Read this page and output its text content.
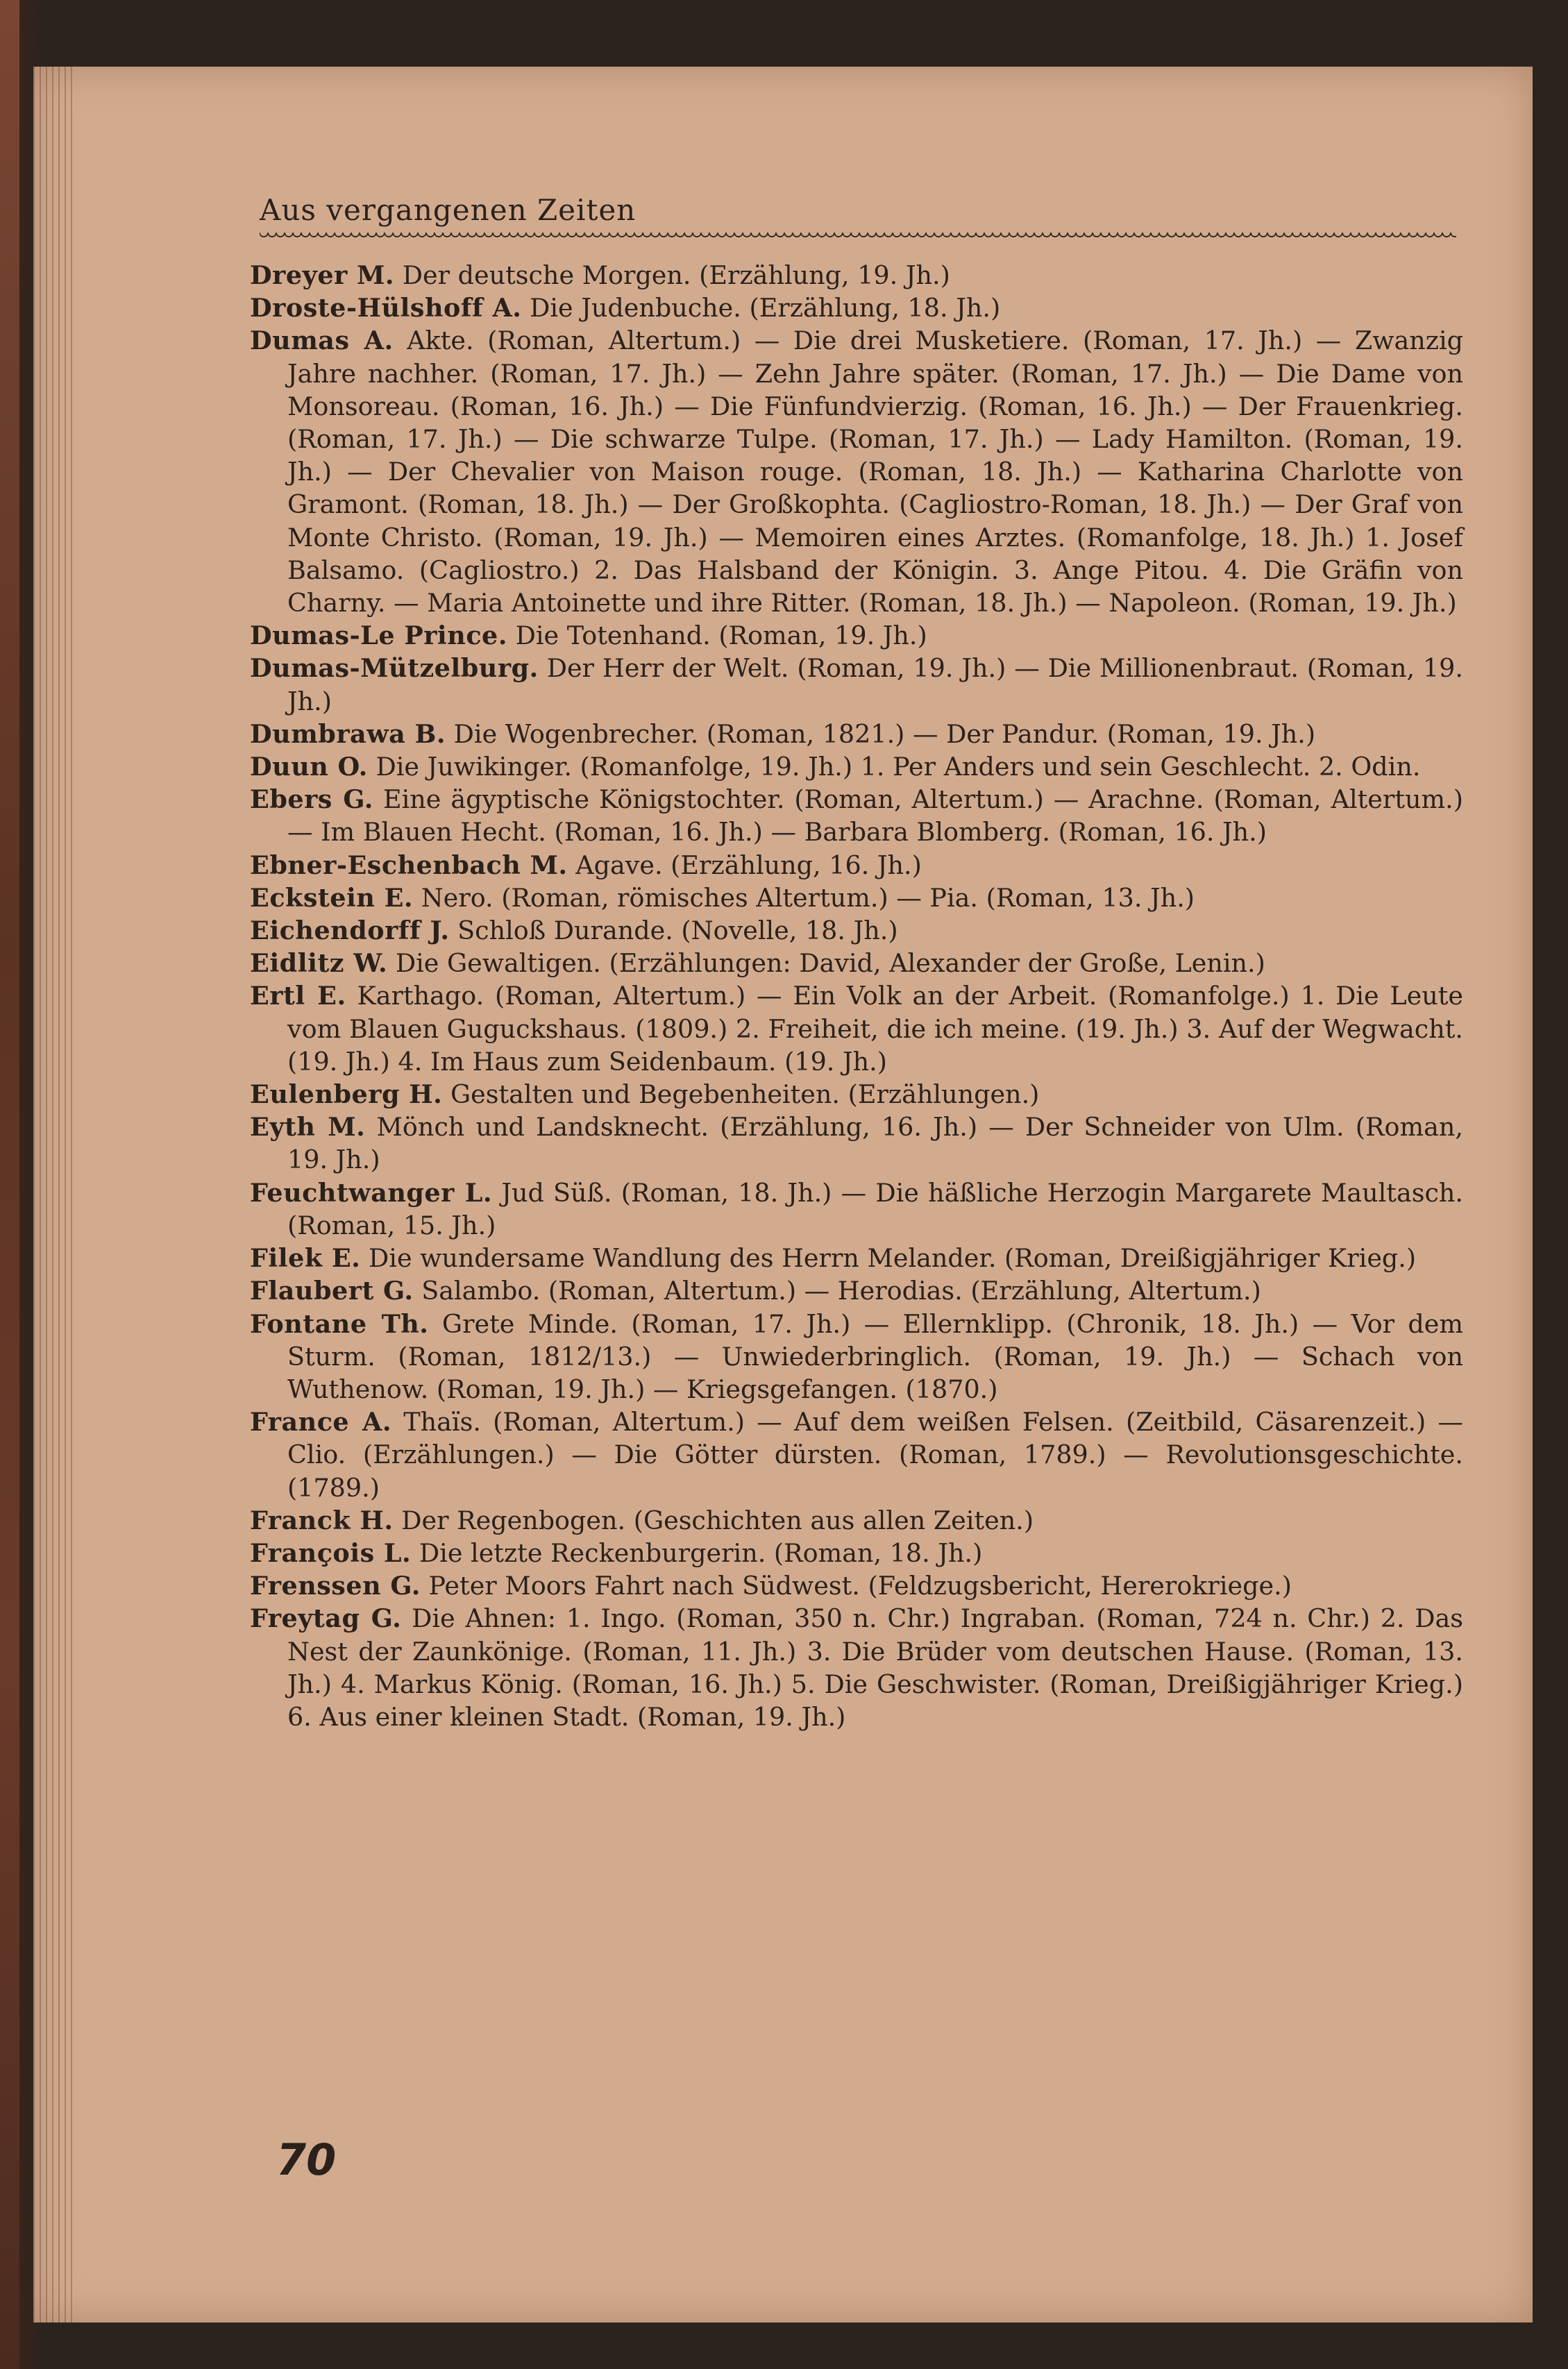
Aus vergangenen Zeiten

Dreyer M. Der deutsche Morgen. (Erzählung, 19. Jh.)

Droste-Hülshoff A. Die Judenbuche. (Erzählung, 18. Jh.)

Dumas A. Akte. (Roman, Altertum.) — Die drei Musketiere. (Roman, 17. Jh.) — Zwanzig Jahre nachher. (Roman, 17. Jh.) — Zehn Jahre später. (Roman, 17. Jh.) — Die Dame von Monsoreau. (Roman, 16. Jh.) — Die Fünfundvierzig. (Roman, 16. Jh.) — Der Frauenkrieg. (Roman, 17. Jh.) — Die schwarze Tulpe. (Roman, 17. Jh.) — Lady Hamilton. (Roman, 19. Jh.) — Der Chevalier von Maison rouge. (Roman, 18. Jh.) — Katharina Charlotte von Gramont. (Roman, 18. Jh.) — Der Großkophta. (Cagliostro-Roman, 18. Jh.) — Der Graf von Monte Christo. (Roman, 19. Jh.) — Memoiren eines Arztes. (Romanfolge, 18. Jh.) 1. Josef Balsamo. (Cagliostro.) 2. Das Halsband der Königin. 3. Ange Pitou. 4. Die Gräfin von Charny. — Maria Antoinette und ihre Ritter. (Roman, 18. Jh.) — Napoleon. (Roman, 19. Jh.)

Dumas-Le Prince. Die Totenhand. (Roman, 19. Jh.)

Dumas-Mützelburg. Der Herr der Welt. (Roman, 19. Jh.) — Die Millionenbraut. (Roman, 19. Jh.)

Dumbrawa B. Die Wogenbrecher. (Roman, 1821.) — Der Pandur. (Roman, 19. Jh.)

Duun O. Die Juwikinger. (Romanfolge, 19. Jh.) 1. Per Anders und sein Geschlecht. 2. Odin.

Ebers G. Eine ägyptische Königstochter. (Roman, Altertum.) — Arachne. (Roman, Altertum.) — Im Blauen Hecht. (Roman, 16. Jh.) — Barbara Blomberg. (Roman, 16. Jh.)

Ebner-Eschenbach M. Agave. (Erzählung, 16. Jh.)

Eckstein E. Nero. (Roman, römisches Altertum.) — Pia. (Roman, 13. Jh.)

Eichendorff J. Schloß Durande. (Novelle, 18. Jh.)

Eidlitz W. Die Gewaltigen. (Erzählungen: David, Alexander der Große, Lenin.)

Ertl E. Karthago. (Roman, Altertum.) — Ein Volk an der Arbeit. (Romanfolge.) 1. Die Leute vom Blauen Guguckshaus. (1809.) 2. Freiheit, die ich meine. (19. Jh.) 3. Auf der Wegwacht. (19. Jh.) 4. Im Haus zum Seidenbaum. (19. Jh.)

Eulenberg H. Gestalten und Begebenheiten. (Erzählungen.)

Eyth M. Mönch und Landsknecht. (Erzählung, 16. Jh.) — Der Schneider von Ulm. (Roman, 19. Jh.)

Feuchtwanger L. Jud Süß. (Roman, 18. Jh.) — Die häßliche Herzogin Margarete Maultasch. (Roman, 15. Jh.)

Filek E. Die wundersame Wandlung des Herrn Melander. (Roman, Dreißigjähriger Krieg.)

Flaubert G. Salambo. (Roman, Altertum.) — Herodias. (Erzählung, Altertum.)

Fontane Th. Grete Minde. (Roman, 17. Jh.) — Ellernklipp. (Chronik, 18. Jh.) — Vor dem Sturm. (Roman, 1812/13.) — Unwiederbringlich. (Roman, 19. Jh.) — Schach von Wuthenow. (Roman, 19. Jh.) — Kriegsgefangen. (1870.)

France A. Thaïs. (Roman, Altertum.) — Auf dem weißen Felsen. (Zeitbild, Cäsarenzeit.) — Clio. (Erzählungen.) — Die Götter dürsten. (Roman, 1789.) — Revolutionsgeschichte. (1789.)

Franck H. Der Regenbogen. (Geschichten aus allen Zeiten.)

François L. Die letzte Reckenburgerin. (Roman, 18. Jh.)

Frenssen G. Peter Moors Fahrt nach Südwest. (Feldzugsbericht, Hererokriege.)

Freytag G. Die Ahnen: 1. Ingo. (Roman, 350 n. Chr.) Ingraban. (Roman, 724 n. Chr.) 2. Das Nest der Zaunkönige. (Roman, 11. Jh.) 3. Die Brüder vom deutschen Hause. (Roman, 13. Jh.) 4. Markus König. (Roman, 16. Jh.) 5. Die Geschwister. (Roman, Dreißigjähriger Krieg.) 6. Aus einer kleinen Stadt. (Roman, 19. Jh.)

70
